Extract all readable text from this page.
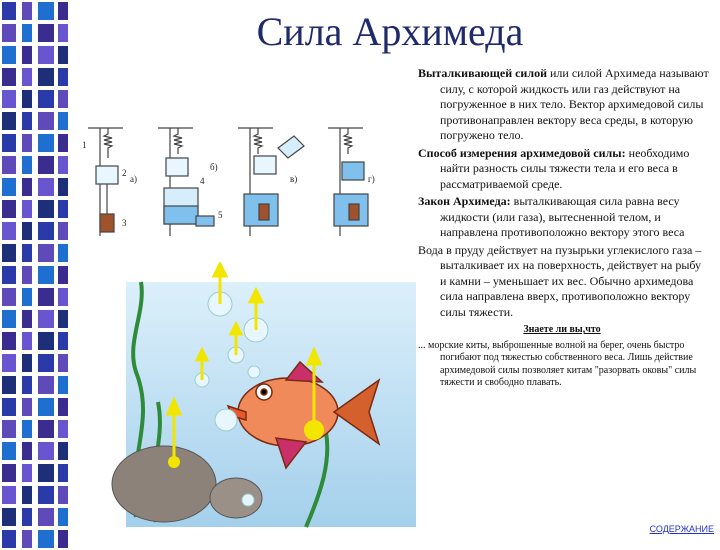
Сила Архимеда
1
2
3
а)	4
б)
5
в)	г)

Выталкивающей силой или силой Архимеда называют силу, с которой жидкость или газ действуют на погруженное в них тело. Вектор архимедовой силы противонаправлен вектору веса среды, в которую погружено тело.

Способ измерения архимедовой силы: необходимо найти разность силы тяжести тела и его веса в рассматриваемой среде.

Закон Архимеда: выталкивающая сила равна весу жидкости (или газа), вытесненной телом, и направлена противоположно вектору этого веса

Вода в пруду действует на пузырьки углекислого газа – выталкивает их на поверхность, действует на рыбу и камни – уменьшает их вес. Обычно архимедова сила направлена вверх, противоположно вектору силы тяжести.

Знаете ли вы,что

... морские киты, выброшенные волной на берег, очень быстро погибают под тяжестью собственного веса. Лишь действие архимедовой силы позволяет китам "разорвать оковы" силы тяжести и свободно плавать.

СОДЕРЖАНИЕ
